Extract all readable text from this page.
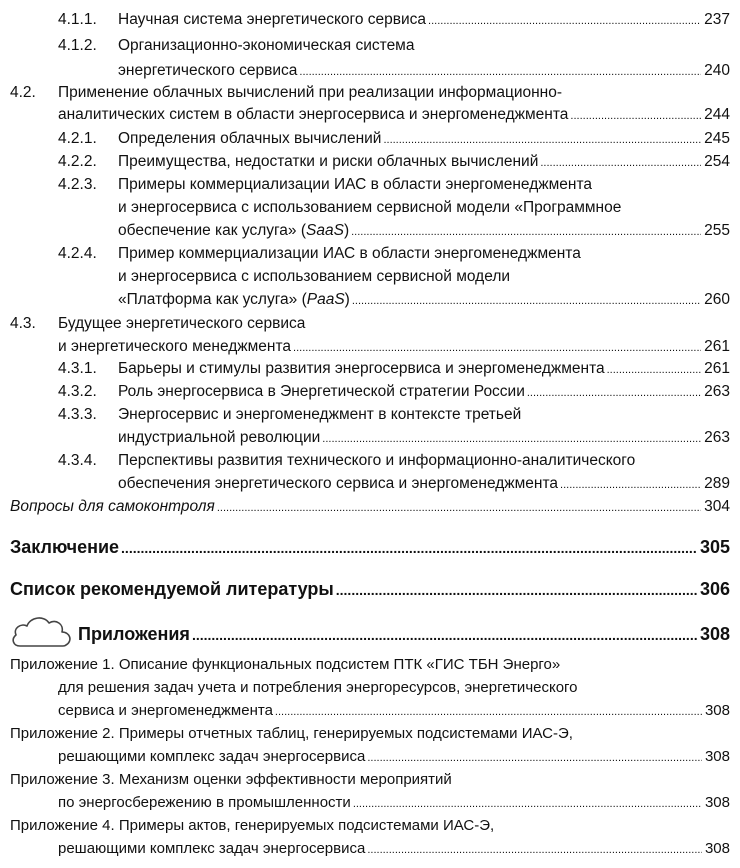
4.1.1. Научная система энергетического сервиса .....	237
4.1.2. Организационно-экономическая система
энергетического сервиса .....	240
4.2. Применение облачных вычислений при реализации информационно-
аналитических систем в области энергосервиса и энергоменеджмента .....	244
4.2.1. Определения облачных вычислений .....	245
4.2.2. Преимущества, недостатки и риски облачных вычислений .....	254
4.2.3. Примеры коммерциализации ИАС в области энергоменеджмента
и энергосервиса с использованием сервисной модели «Программное
обеспечение как услуга» (SaaS) .....	255
4.2.4. Пример коммерциализации ИАС в области энергоменеджмента
и энергосервиса с использованием сервисной модели
«Платформа как услуга» (PaaS) .....	260
4.3. Будущее энергетического сервиса
и энергетического менеджмента .....	261
4.3.1. Барьеры и стимулы развития энергосервиса и энергоменеджмента .....	261
4.3.2. Роль энергосервиса в Энергетической стратегии России .....	263
4.3.3. Энергосервис и энергоменеджмент в контексте третьей
индустриальной революции .....	263
4.3.4. Перспективы развития технического и информационно-аналитического
обеспечения энергетического сервиса и энергоменеджмента .....	289
Вопросы для самоконтроля .....	304
Заключение .....	305
Список рекомендуемой литературы .....	306
Приложения .....	308
Приложение 1. Описание функциональных подсистем ПТК «ГИС ТБН Энерго»
для решения задач учета и потребления энергоресурсов, энергетического
сервиса и энергоменеджмента .....	308
Приложение 2. Примеры отчетных таблиц, генерируемых подсистемами ИАС-Э,
решающими комплекс задач энергосервиса .....	308
Приложение 3. Механизм оценки эффективности мероприятий
по энергосбережению в промышленности .....	308
Приложение 4. Примеры актов, генерируемых подсистемами ИАС-Э,
решающими комплекс задач энергосервиса .....	308
